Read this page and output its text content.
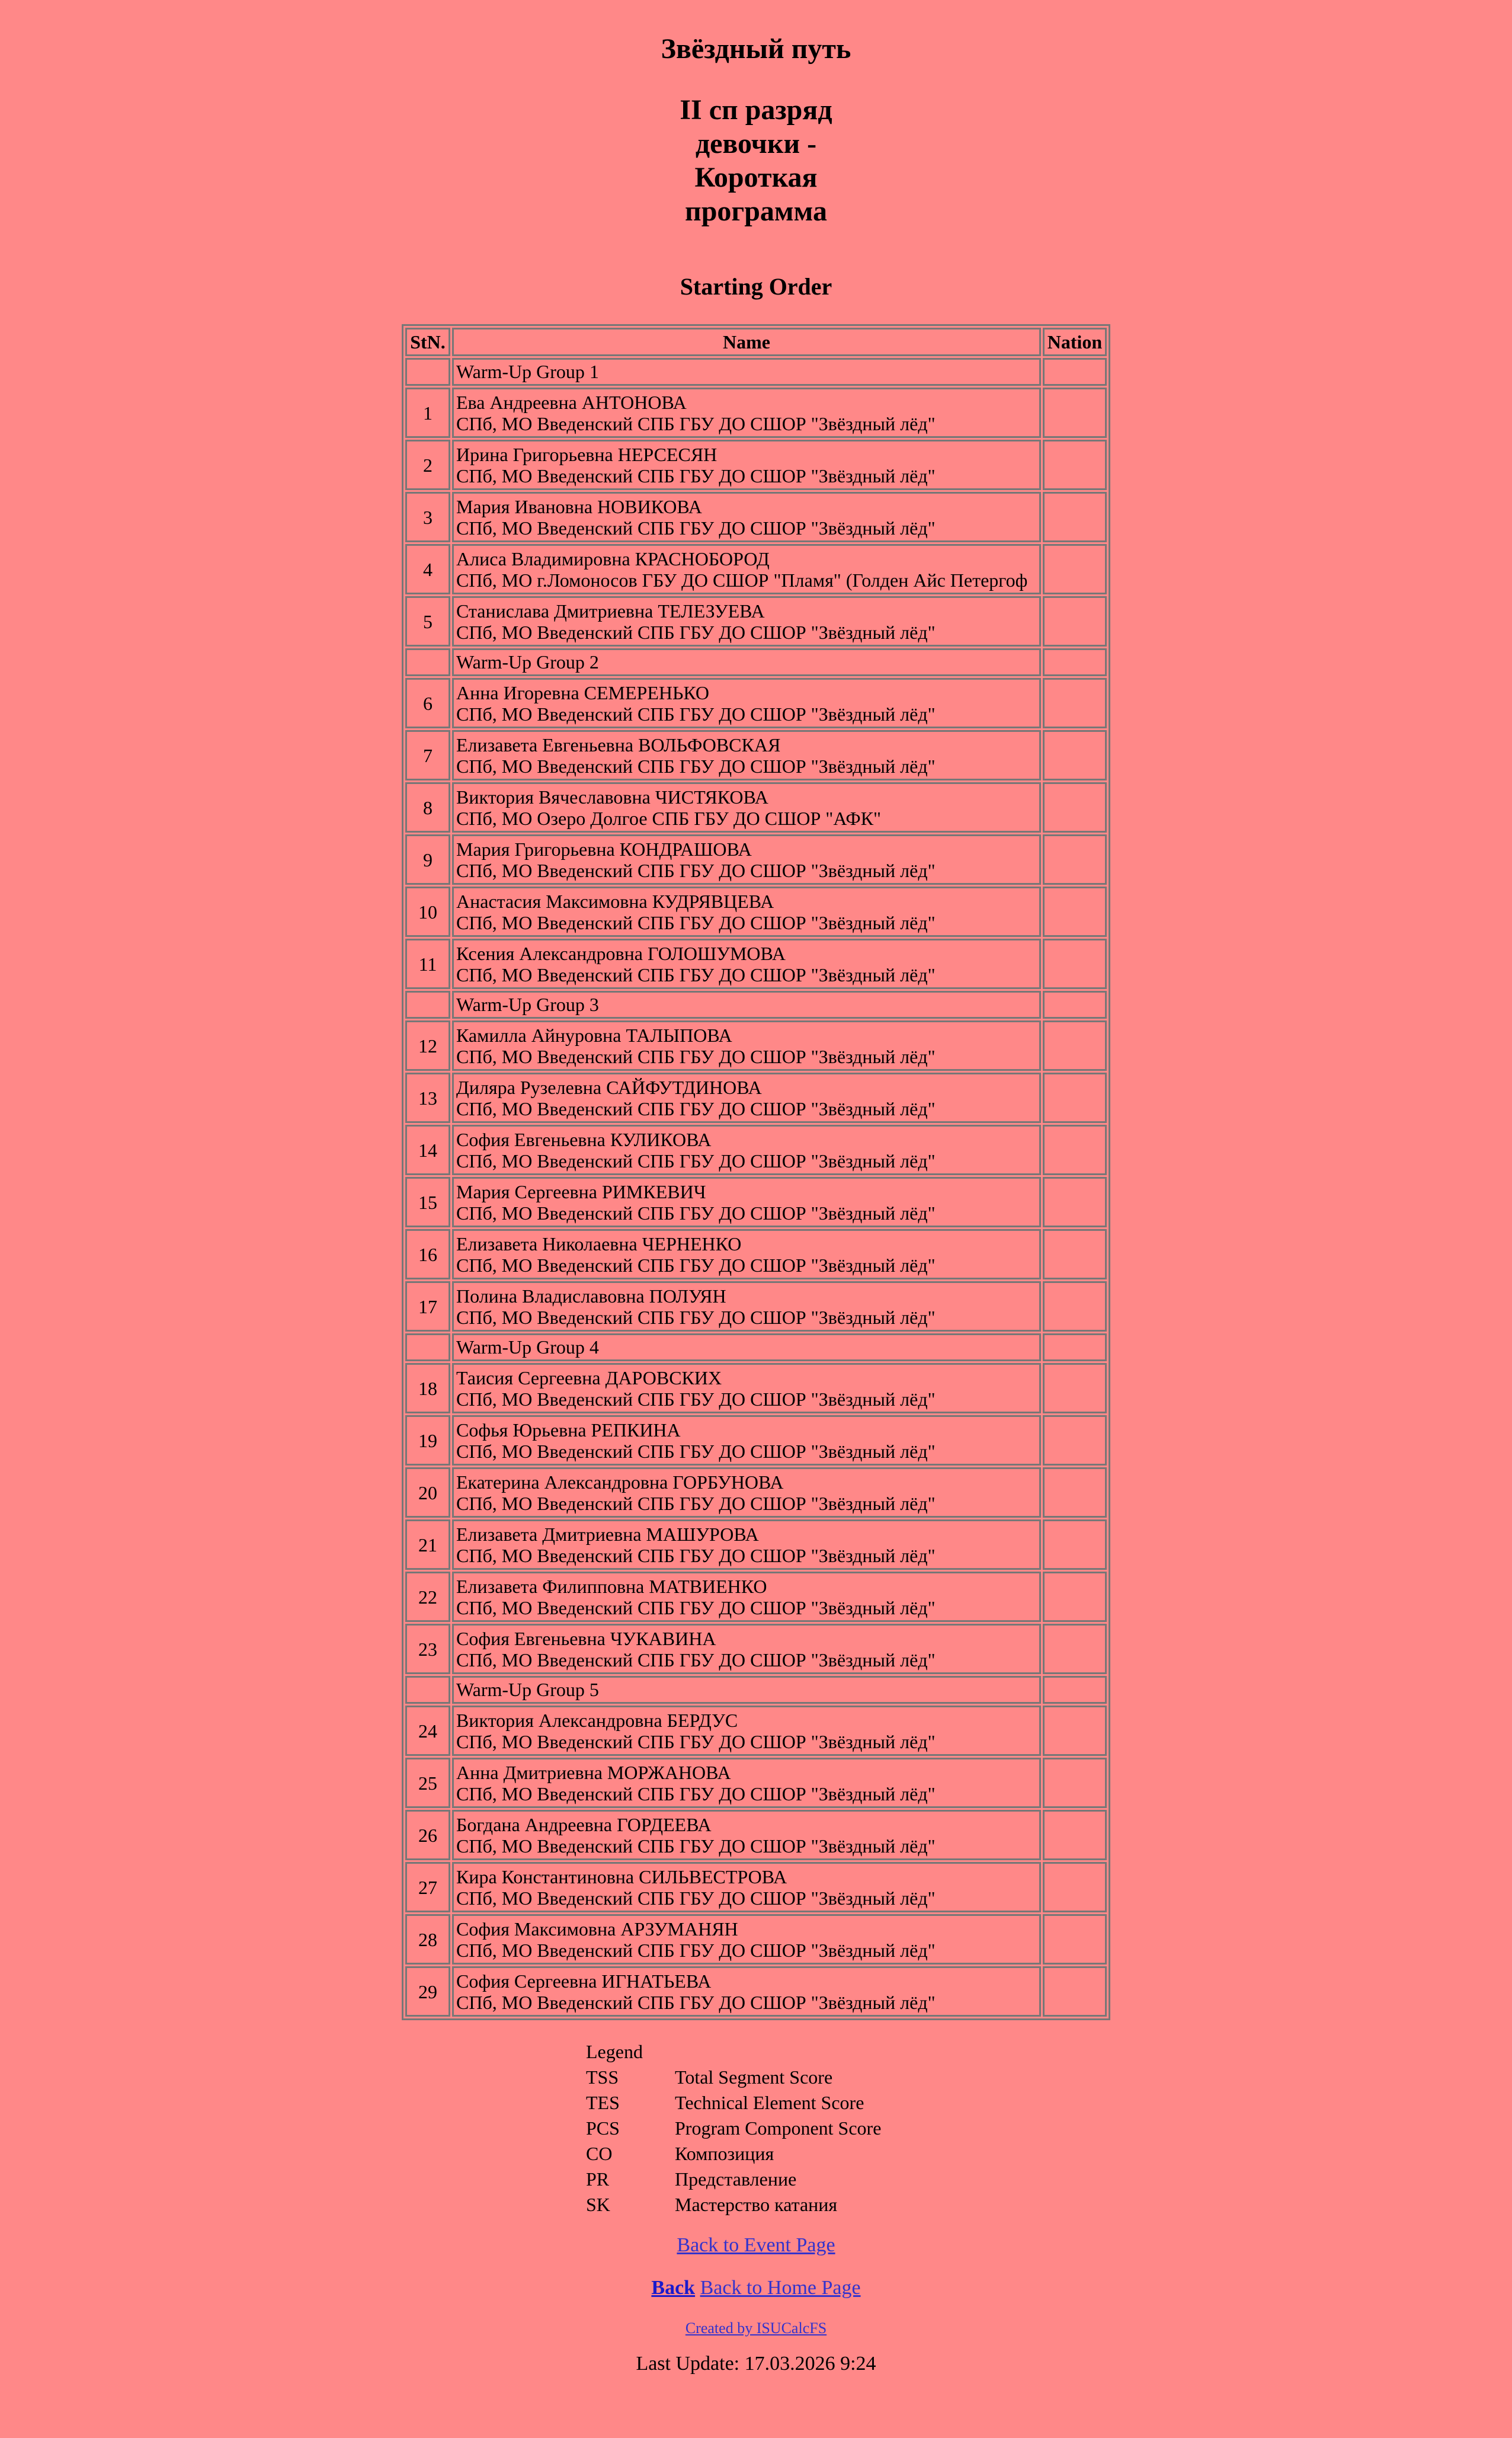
Звёздный путь
II сп разряд девочки - Короткая программа
Starting Order
StN.	Name	Nation
	Warm-Up Group 1	
1	Ева Андреевна АНТОНОВА
СПб, МО Введенский СПБ ГБУ ДО СШОР "Звёздный лёд"	

2	Ирина Григорьевна НЕРСЕСЯН
СПб, МО Введенский СПБ ГБУ ДО СШОР "Звёздный лёд"	

3	Мария Ивановна НОВИКОВА
СПб, МО Введенский СПБ ГБУ ДО СШОР "Звёздный лёд"	

4	Алиса Владимировна КРАСНОБОРОД
СПб, МО г.Ломоносов ГБУ ДО СШОР "Пламя" (Голден Айс Петергоф	

5	Станислава Дмитриевна ТЕЛЕЗУЕВА
СПб, МО Введенский СПБ ГБУ ДО СШОР "Звёздный лёд"	

	Warm-Up Group 2	
6	Анна Игоревна СЕМЕРЕНЬКО
СПб, МО Введенский СПБ ГБУ ДО СШОР "Звёздный лёд"	

7	Елизавета Евгеньевна ВОЛЬФОВСКАЯ
СПб, МО Введенский СПБ ГБУ ДО СШОР "Звёздный лёд"	

8	Виктория Вячеславовна ЧИСТЯКОВА
СПб, МО Озеро Долгое СПБ ГБУ ДО СШОР "АФК"	

9	Мария Григорьевна КОНДРАШОВА
СПб, МО Введенский СПБ ГБУ ДО СШОР "Звёздный лёд"	

10	Анастасия Максимовна КУДРЯВЦЕВА
СПб, МО Введенский СПБ ГБУ ДО СШОР "Звёздный лёд"	

11	Ксения Александровна ГОЛОШУМОВА
СПб, МО Введенский СПБ ГБУ ДО СШОР "Звёздный лёд"	

	Warm-Up Group 3	
12	Камилла Айнуровна ТАЛЫПОВА
СПб, МО Введенский СПБ ГБУ ДО СШОР "Звёздный лёд"	

13	Диляра Рузелевна САЙФУТДИНОВА
СПб, МО Введенский СПБ ГБУ ДО СШОР "Звёздный лёд"	

14	София Евгеньевна КУЛИКОВА
СПб, МО Введенский СПБ ГБУ ДО СШОР "Звёздный лёд"	

15	Мария Сергеевна РИМКЕВИЧ
СПб, МО Введенский СПБ ГБУ ДО СШОР "Звёздный лёд"	

16	Елизавета Николаевна ЧЕРНЕНКО
СПб, МО Введенский СПБ ГБУ ДО СШОР "Звёздный лёд"	

17	Полина Владиславовна ПОЛУЯН
СПб, МО Введенский СПБ ГБУ ДО СШОР "Звёздный лёд"	

	Warm-Up Group 4	
18	Таисия Сергеевна ДАРОВСКИХ
СПб, МО Введенский СПБ ГБУ ДО СШОР "Звёздный лёд"	

19	Софья Юрьевна РЕПКИНА
СПб, МО Введенский СПБ ГБУ ДО СШОР "Звёздный лёд"	

20	Екатерина Александровна ГОРБУНОВА
СПб, МО Введенский СПБ ГБУ ДО СШОР "Звёздный лёд"	

21	Елизавета Дмитриевна МАШУРОВА
СПб, МО Введенский СПБ ГБУ ДО СШОР "Звёздный лёд"	

22	Елизавета Филипповна МАТВИЕНКО
СПб, МО Введенский СПБ ГБУ ДО СШОР "Звёздный лёд"	

23	София Евгеньевна ЧУКАВИНА
СПб, МО Введенский СПБ ГБУ ДО СШОР "Звёздный лёд"	

	Warm-Up Group 5	
24	Виктория Александровна БЕРДУС
СПб, МО Введенский СПБ ГБУ ДО СШОР "Звёздный лёд"	

25	Анна Дмитриевна МОРЖАНОВА
СПб, МО Введенский СПБ ГБУ ДО СШОР "Звёздный лёд"	

26	Богдана Андреевна ГОРДЕЕВА
СПб, МО Введенский СПБ ГБУ ДО СШОР "Звёздный лёд"	

27	Кира Константиновна СИЛЬВЕСТРОВА
СПб, МО Введенский СПБ ГБУ ДО СШОР "Звёздный лёд"	

28	София Максимовна АРЗУМАНЯН
СПб, МО Введенский СПБ ГБУ ДО СШОР "Звёздный лёд"	

29	София Сергеевна ИГНАТЬЕВА
СПб, МО Введенский СПБ ГБУ ДО СШОР "Звёздный лёд"	

Legend
TSS	Total Segment Score
TES	Technical Element Score
PCS	Program Component Score
CO	Композиция
PR	Представление
SK	Мастерство катания
Back to Event Page
Back Back to Home Page
Created by ISUCalcFS
Last Update: 17.03.2026 9:24
